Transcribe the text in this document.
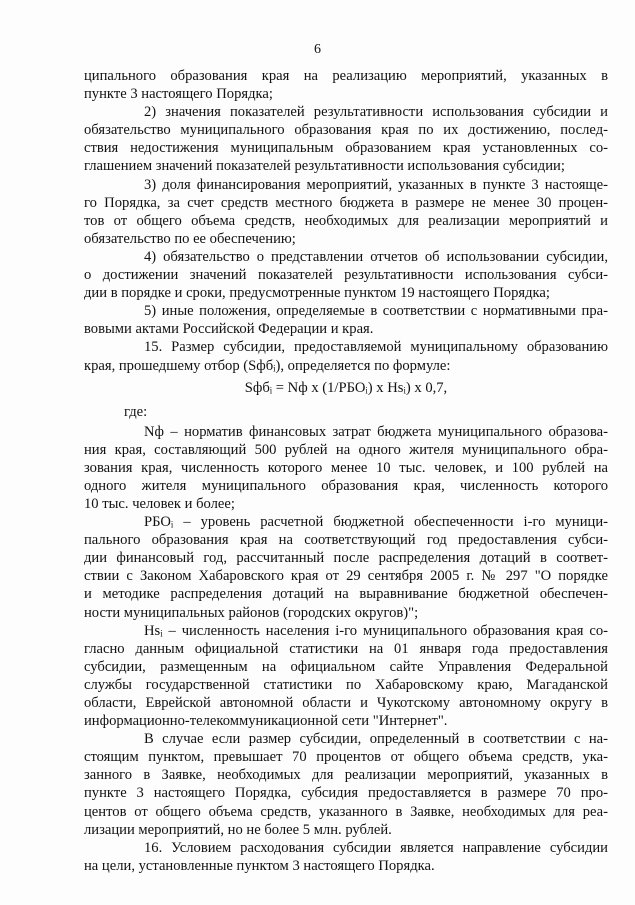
6
ципального образования края на реализацию мероприятий, указанных в
пункте 3 настоящего Порядка;
2) значения показателей результативности использования субсидии и
обязательство муниципального образования края по их достижению, послед-
ствия недостижения муниципальным образованием края установленных со-
глашением значений показателей результативности использования субсидии;
3) доля финансирования мероприятий, указанных в пункте 3 настояще-
го Порядка, за счет средств местного бюджета в размере не менее 30 процен-
тов от общего объема средств, необходимых для реализации мероприятий и
обязательство по ее обеспечению;
4) обязательство о представлении отчетов об использовании субсидии,
о достижении значений показателей результативности использования субси-
дии в порядке и сроки, предусмотренные пунктом 19 настоящего Порядка;
5) иные положения, определяемые в соответствии с нормативными пра-
вовыми актами Российской Федерации и края.
15. Размер субсидии, предоставляемой муниципальному образованию
края, прошедшему отбор (Sфбᵢ), определяется по формуле:
Sфбᵢ = Nф x (1/РБОᵢ) x Hsᵢ) x 0,7,
где:
Nф – норматив финансовых затрат бюджета муниципального образова-
ния края, составляющий 500 рублей на одного жителя муниципального обра-
зования края, численность которого менее 10 тыс. человек, и 100 рублей на
одного жителя муниципального образования края, численность которого
10 тыс. человек и более;
РБОᵢ – уровень расчетной бюджетной обеспеченности i-го муници-
пального образования края на соответствующий год предоставления субси-
дии финансовый год, рассчитанный после распределения дотаций в соответ-
ствии с Законом Хабаровского края от 29 сентября 2005 г. № 297 "О порядке
и методике распределения дотаций на выравнивание бюджетной обеспечен-
ности муниципальных районов (городских округов)";
Hsᵢ – численность населения i-го муниципального образования края со-
гласно данным официальной статистики на 01 января года предоставления
субсидии, размещенным на официальном сайте Управления Федеральной
службы государственной статистики по Хабаровскому краю, Магаданской
области, Еврейской автономной области и Чукотскому автономному округу в
информационно-телекоммуникационной сети "Интернет".
В случае если размер субсидии, определенный в соответствии с на-
стоящим пунктом, превышает 70 процентов от общего объема средств, ука-
занного в Заявке, необходимых для реализации мероприятий, указанных в
пункте 3 настоящего Порядка, субсидия предоставляется в размере 70 про-
центов от общего объема средств, указанного в Заявке, необходимых для реа-
лизации мероприятий, но не более 5 млн. рублей.
16. Условием расходования субсидии является направление субсидии
на цели, установленные пунктом 3 настоящего Порядка.
